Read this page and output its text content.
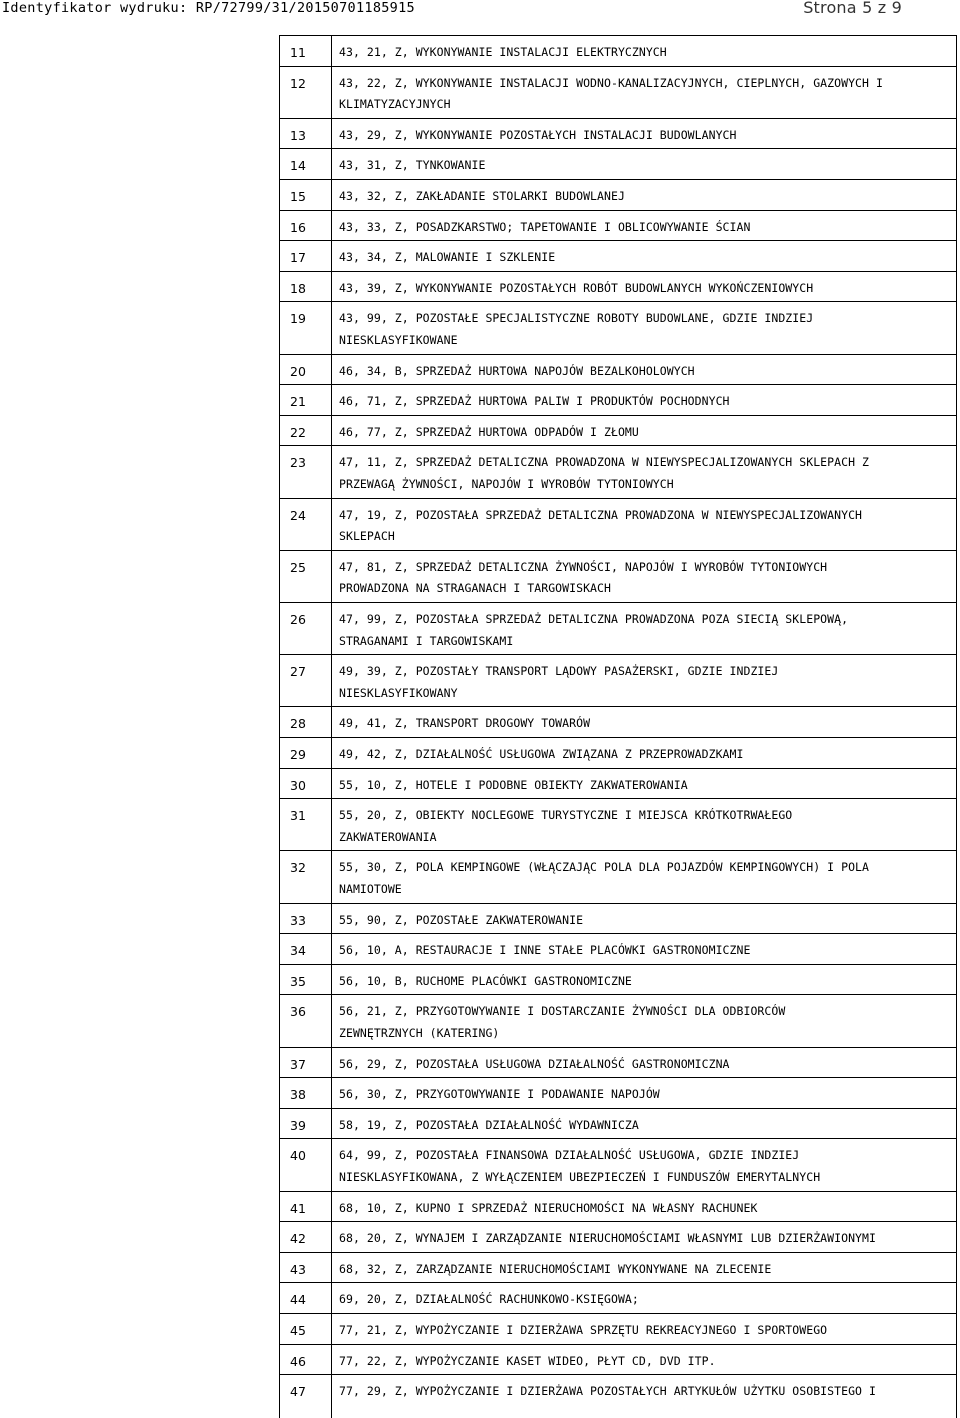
Identyfikator wydruku: RP/72799/31/20150701185915	Strona 5 z 9
11	43, 21, Z, WYKONYWANIE INSTALACJI ELEKTRYCZNYCH
12	43, 22, Z, WYKONYWANIE INSTALACJI WODNO-KANALIZACYJNYCH, CIEPLNYCH, GAZOWYCH I
KLIMATYZACYJNYCH
13	43, 29, Z, WYKONYWANIE POZOSTAŁYCH INSTALACJI BUDOWLANYCH
14	43, 31, Z, TYNKOWANIE
15	43, 32, Z, ZAKŁADANIE STOLARKI BUDOWLANEJ
16	43, 33, Z, POSADZKARSTWO; TAPETOWANIE I OBLICOWYWANIE ŚCIAN
17	43, 34, Z, MALOWANIE I SZKLENIE
18	43, 39, Z, WYKONYWANIE POZOSTAŁYCH ROBÓT BUDOWLANYCH WYKOŃCZENIOWYCH
19	43, 99, Z, POZOSTAŁE SPECJALISTYCZNE ROBOTY BUDOWLANE, GDZIE INDZIEJ
NIESKLASYFIKOWANE
20	46, 34, B, SPRZEDAŻ HURTOWA NAPOJÓW BEZALKOHOLOWYCH
21	46, 71, Z, SPRZEDAŻ HURTOWA PALIW I PRODUKTÓW POCHODNYCH
22	46, 77, Z, SPRZEDAŻ HURTOWA ODPADÓW I ZŁOMU
23	47, 11, Z, SPRZEDAŻ DETALICZNA PROWADZONA W NIEWYSPECJALIZOWANYCH SKLEPACH Z
PRZEWAGĄ ŻYWNOŚCI, NAPOJÓW I WYROBÓW TYTONIOWYCH
24	47, 19, Z, POZOSTAŁA SPRZEDAŻ DETALICZNA PROWADZONA W NIEWYSPECJALIZOWANYCH
SKLEPACH
25	47, 81, Z, SPRZEDAŻ DETALICZNA ŻYWNOŚCI, NAPOJÓW I WYROBÓW TYTONIOWYCH
PROWADZONA NA STRAGANACH I TARGOWISKACH
26	47, 99, Z, POZOSTAŁA SPRZEDAŻ DETALICZNA PROWADZONA POZA SIECIĄ SKLEPOWĄ,
STRAGANAMI I TARGOWISKAMI
27	49, 39, Z, POZOSTAŁY TRANSPORT LĄDOWY PASAŻERSKI, GDZIE INDZIEJ
NIESKLASYFIKOWANY
28	49, 41, Z, TRANSPORT DROGOWY TOWARÓW
29	49, 42, Z, DZIAŁALNOŚĆ USŁUGOWA ZWIĄZANA Z PRZEPROWADZKAMI
30	55, 10, Z, HOTELE I PODOBNE OBIEKTY ZAKWATEROWANIA
31	55, 20, Z, OBIEKTY NOCLEGOWE TURYSTYCZNE I MIEJSCA KRÓTKOTRWAŁEGO
ZAKWATEROWANIA
32	55, 30, Z, POLA KEMPINGOWE (WŁĄCZAJĄC POLA DLA POJAZDÓW KEMPINGOWYCH) I POLA
NAMIOTOWE
33	55, 90, Z, POZOSTAŁE ZAKWATEROWANIE
34	56, 10, A, RESTAURACJE I INNE STAŁE PLACÓWKI GASTRONOMICZNE
35	56, 10, B, RUCHOME PLACÓWKI GASTRONOMICZNE
36	56, 21, Z, PRZYGOTOWYWANIE I DOSTARCZANIE ŻYWNOŚCI DLA ODBIORCÓW
ZEWNĘTRZNYCH (KATERING)
37	56, 29, Z, POZOSTAŁA USŁUGOWA DZIAŁALNOŚĆ GASTRONOMICZNA
38	56, 30, Z, PRZYGOTOWYWANIE I PODAWANIE NAPOJÓW
39	58, 19, Z, POZOSTAŁA DZIAŁALNOŚĆ WYDAWNICZA
40	64, 99, Z, POZOSTAŁA FINANSOWA DZIAŁALNOŚĆ USŁUGOWA, GDZIE INDZIEJ
NIESKLASYFIKOWANA, Z WYŁĄCZENIEM UBEZPIECZEŃ I FUNDUSZÓW EMERYTALNYCH
41	68, 10, Z, KUPNO I SPRZEDAŻ NIERUCHOMOŚCI NA WŁASNY RACHUNEK
42	68, 20, Z, WYNAJEM I ZARZĄDZANIE NIERUCHOMOŚCIAMI WŁASNYMI LUB DZIERŻAWIONYMI
43	68, 32, Z, ZARZĄDZANIE NIERUCHOMOŚCIAMI WYKONYWANE NA ZLECENIE
44	69, 20, Z, DZIAŁALNOŚĆ RACHUNKOWO-KSIĘGOWA;
45	77, 21, Z, WYPOŻYCZANIE I DZIERŻAWA SPRZĘTU REKREACYJNEGO I SPORTOWEGO
46	77, 22, Z, WYPOŻYCZANIE KASET WIDEO, PŁYT CD, DVD ITP.
47	77, 29, Z, WYPOŻYCZANIE I DZIERŻAWA POZOSTAŁYCH ARTYKUŁÓW UŻYTKU OSOBISTEGO I
